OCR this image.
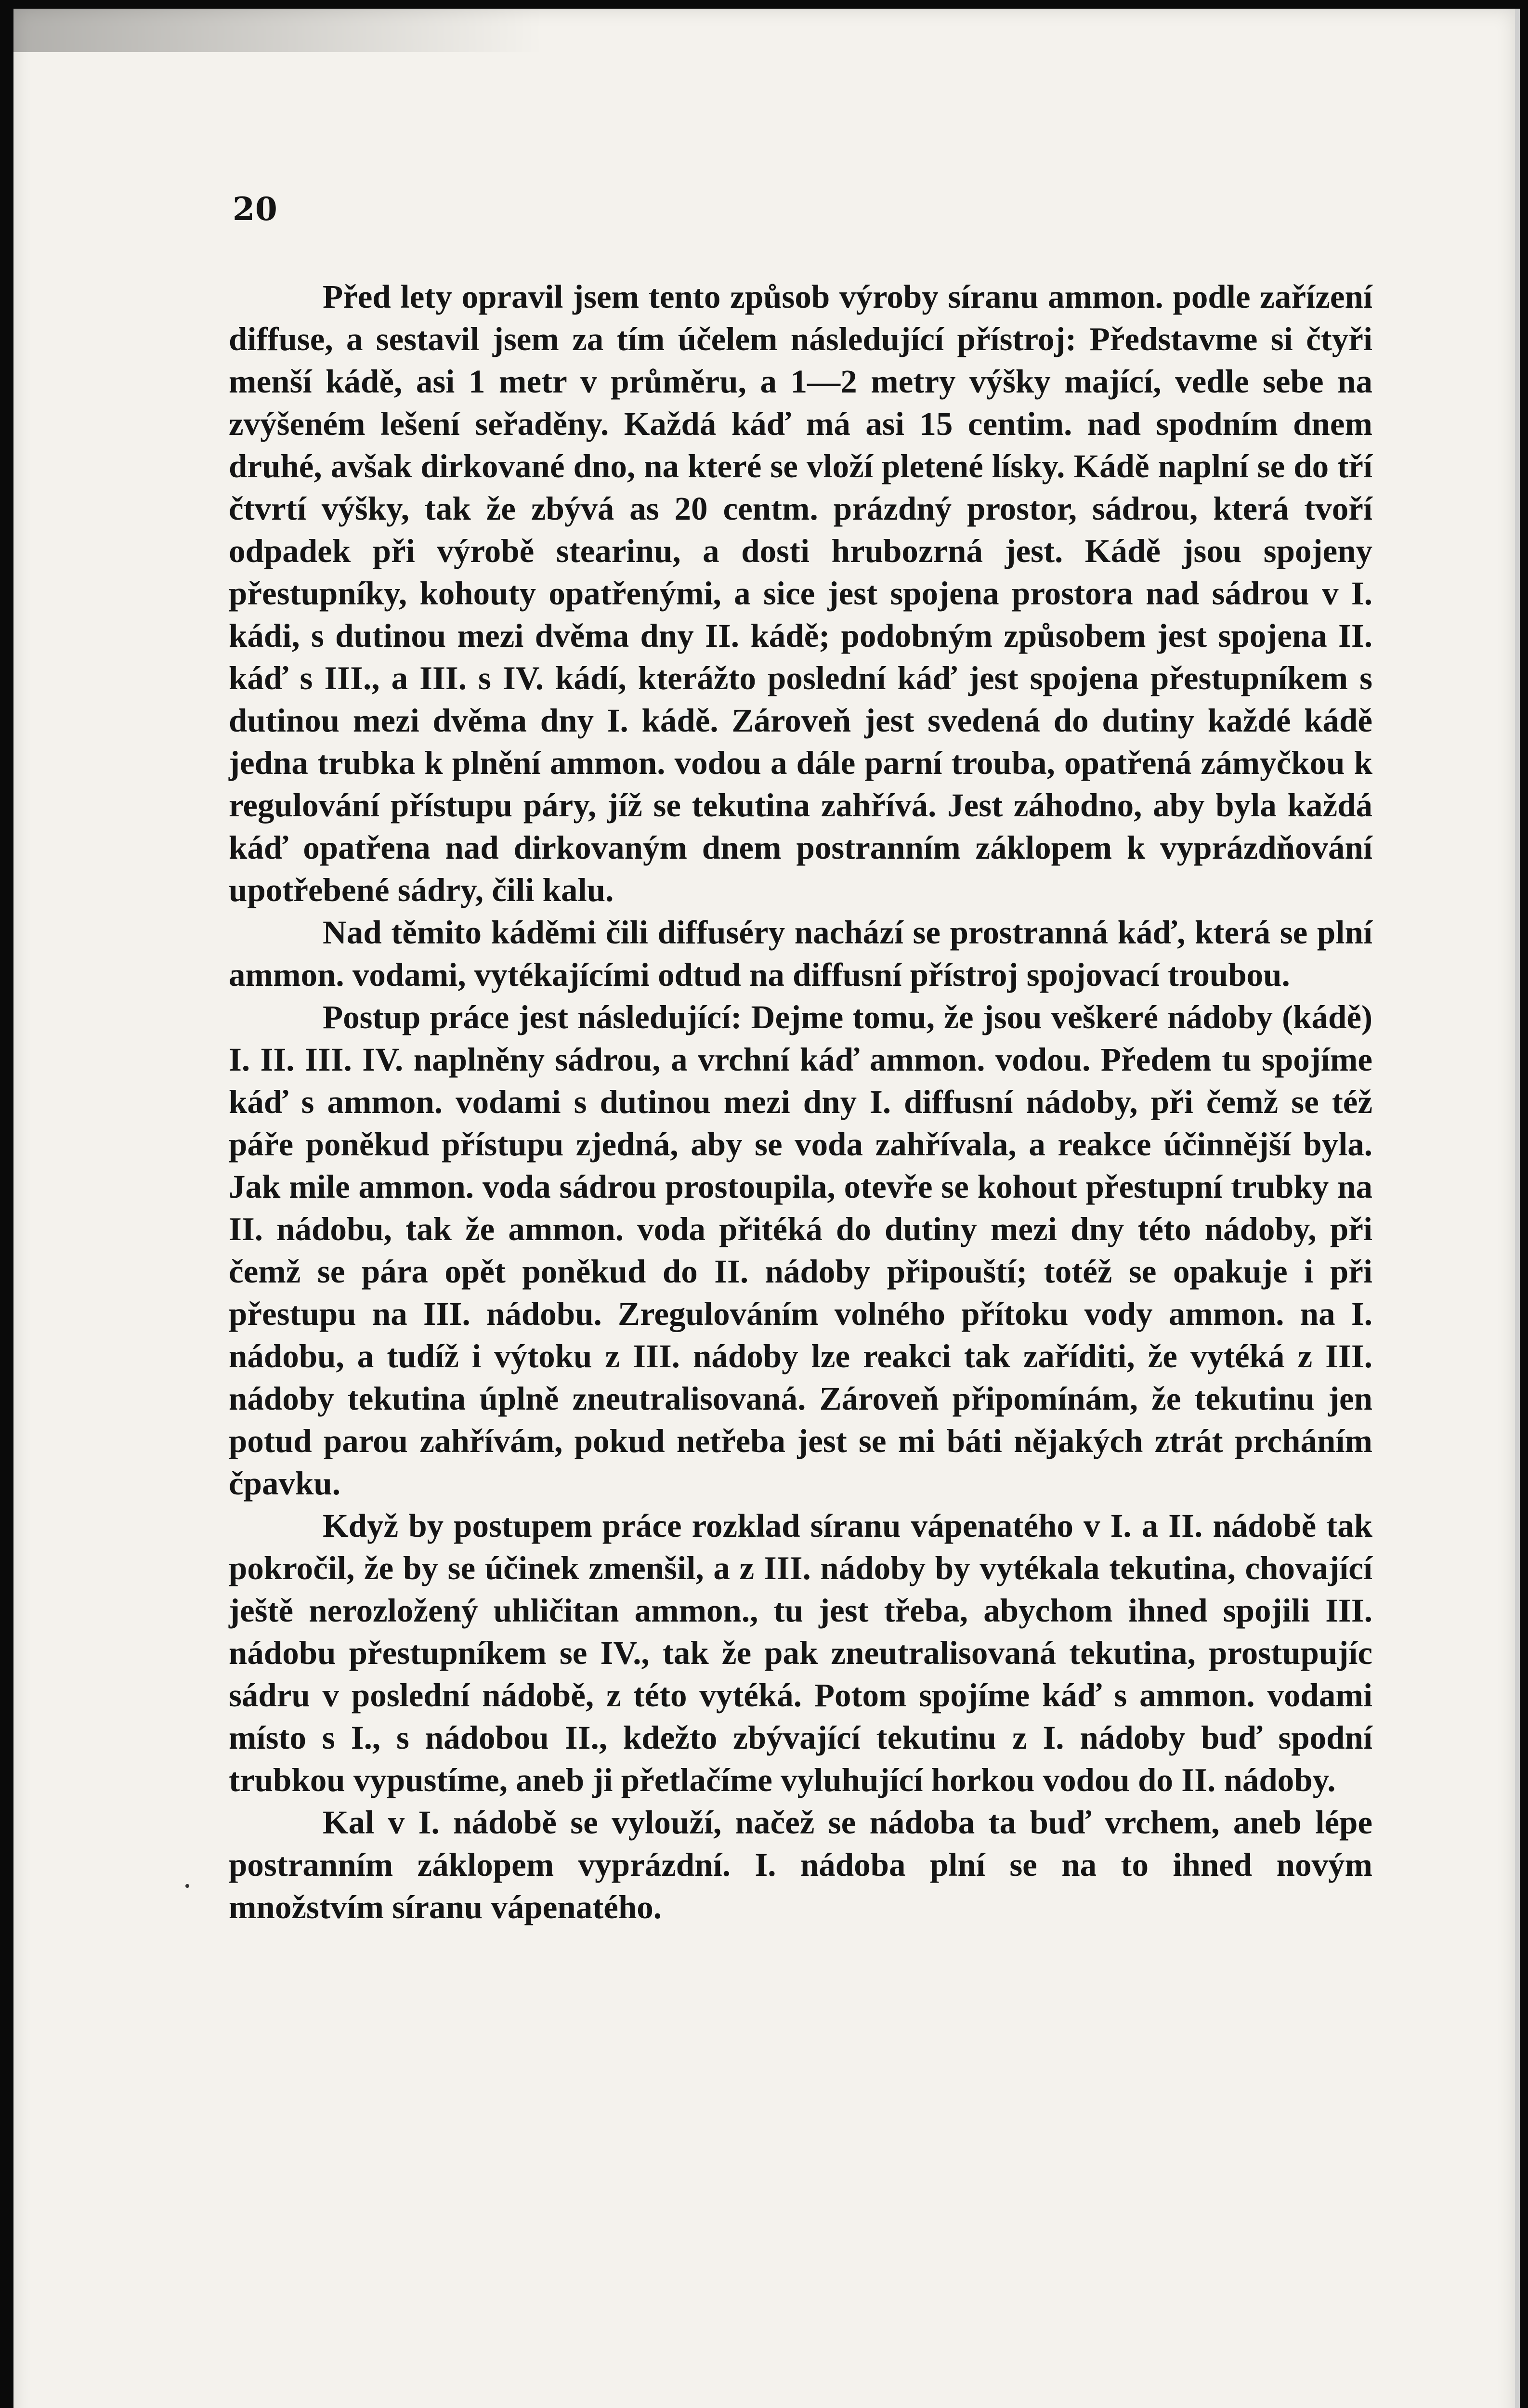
20

Před lety opravil jsem tento způsob výroby síranu ammon. podle zařízení diffuse, a sestavil jsem za tím účelem následující přístroj: Představme si čtyři menší kádě, asi 1 metr v průměru, a 1—2 metry výšky mající, vedle sebe na zvýšeném lešení seřaděny. Každá káď má asi 15 centim. nad spodním dnem druhé, avšak dirkované dno, na které se vloží pletené lísky. Kádě naplní se do tří čtvrtí výšky, tak že zbývá as 20 centm. prázdný prostor, sádrou, která tvoří odpadek při výrobě stearinu, a dosti hrubozrná jest. Kádě jsou spojeny přestupníky, kohouty opatřenými, a sice jest spojena prostora nad sádrou v I. kádi, s dutinou mezi dvěma dny II. kádě; podobným způsobem jest spojena II. káď s III., a III. s IV. kádí, kterážto poslední káď jest spojena přestupníkem s dutinou mezi dvěma dny I. kádě. Zároveň jest svedená do dutiny každé kádě jedna trubka k plnění ammon. vodou a dále parní trouba, opatřená zámyčkou k regulování přístupu páry, jíž se tekutina zahřívá. Jest záhodno, aby byla každá káď opatřena nad dirkovaným dnem postranním záklopem k vyprázdňování upotřebené sádry, čili kalu.

Nad těmito káděmi čili diffuséry nachází se prostranná káď, která se plní ammon. vodami, vytékajícími odtud na diffusní přístroj spojovací troubou.

Postup práce jest následující: Dejme tomu, že jsou veškeré nádoby (kádě) I. II. III. IV. naplněny sádrou, a vrchní káď ammon. vodou. Předem tu spojíme káď s ammon. vodami s dutinou mezi dny I. diffusní nádoby, při čemž se též páře poněkud přístupu zjedná, aby se voda zahřívala, a reakce účinnější byla. Jak mile ammon. voda sádrou prostoupila, otevře se kohout přestupní trubky na II. nádobu, tak že ammon. voda přitéká do dutiny mezi dny této nádoby, při čemž se pára opět poněkud do II. nádoby připouští; totéž se opakuje i při přestupu na III. nádobu. Zregulováním volného přítoku vody ammon. na I. nádobu, a tudíž i výtoku z III. nádoby lze reakci tak zaříditi, že vytéká z III. nádoby tekutina úplně zneutralisovaná. Zároveň připomínám, že tekutinu jen potud parou zahřívám, pokud netřeba jest se mi báti nějakých ztrát prcháním čpavku.

Když by postupem práce rozklad síranu vápenatého v I. a II. nádobě tak pokročil, že by se účinek zmenšil, a z III. nádoby by vytékala tekutina, chovající ještě nerozložený uhličitan ammon., tu jest třeba, abychom ihned spojili III. nádobu přestupníkem se IV., tak že pak zneutralisovaná tekutina, prostupujíc sádru v poslední nádobě, z této vytéká. Potom spojíme káď s ammon. vodami místo s I., s nádobou II., kdežto zbývající tekutinu z I. nádoby buď spodní trubkou vypustíme, aneb ji přetlačíme vyluhující horkou vodou do II. nádoby.

Kal v I. nádobě se vylouží, načež se nádoba ta buď vrchem, aneb lépe postranním záklopem vyprázdní. I. nádoba plní se na to ihned novým množstvím síranu vápenatého.
